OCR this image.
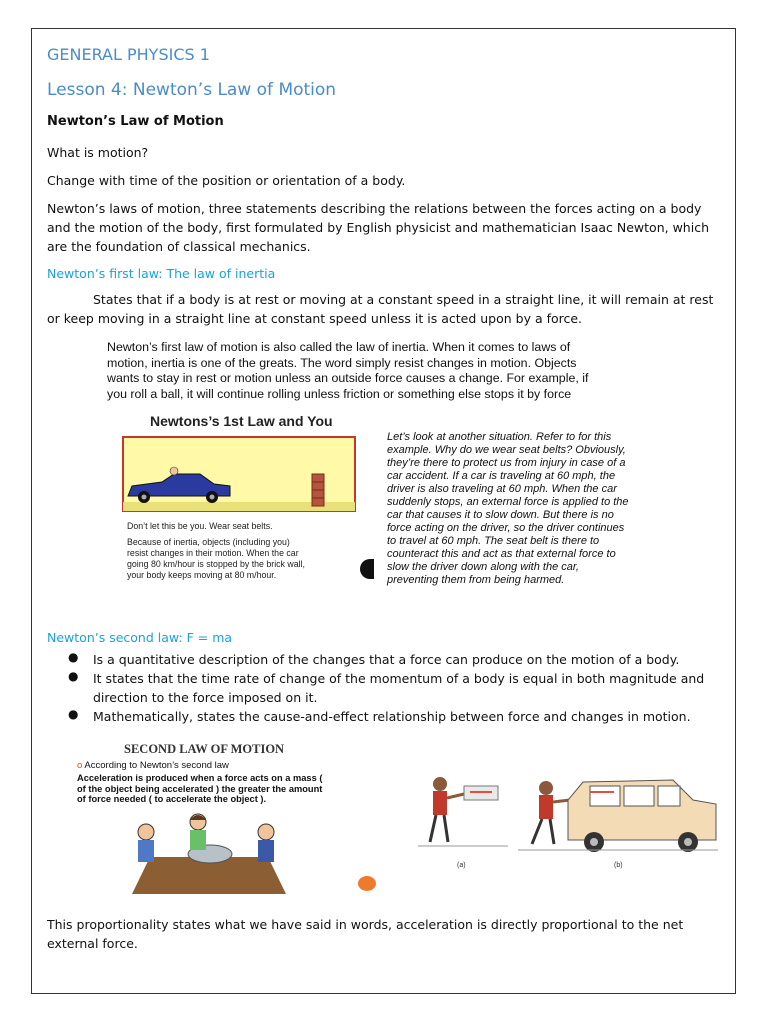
GENERAL PHYSICS 1
Lesson 4: Newton’s Law of Motion
Newton’s Law of Motion
What is motion?
Change with time of the position or orientation of a body.
Newton’s laws of motion, three statements describing the relations between the forces acting on a body
and the motion of the body, first formulated by English physicist and mathematician Isaac Newton, which
are the foundation of classical mechanics.
Newton’s first law: The law of inertia
States that if a body is at rest or moving at a constant speed in a straight line, it will remain at rest
or keep moving in a straight line at constant speed unless it is acted upon by a force.
Newton’s first law of motion is also called the law of inertia. When it comes to laws of
motion, inertia is one of the greats. The word simply resist changes in motion. Objects
wants to stay in rest or motion unless an outside force causes a change. For example, if
you roll a ball, it will continue rolling unless friction or something else stops it by force
Newtons’s 1st Law and You
Don’t let this be you. Wear seat belts.
Because of inertia, objects (including you)
resist changes in their motion. When the car
going 80 km/hour is stopped by the brick wall,
your body keeps moving at 80 m/hour.
Let’s look at another situation. Refer to for this
example. Why do we wear seat belts? Obviously,
they’re there to protect us from injury in case of a
car accident. If a car is traveling at 60 mph, the
driver is also traveling at 60 mph. When the car
suddenly stops, an external force is applied to the
car that causes it to slow down. But there is no
force acting on the driver, so the driver continues
to travel at 60 mph. The seat belt is there to
counteract this and act as that external force to
slow the driver down along with the car,
preventing them from being harmed.
Newton’s second law: F = ma
● Is a quantitative description of the changes that a force can produce on the motion of a body.
● It states that the time rate of change of the momentum of a body is equal in both magnitude and
direction to the force imposed on it.
● Mathematically, states the cause-and-effect relationship between force and changes in motion.
SECOND LAW OF MOTION
o According to Newton’s second law
Acceleration is produced when a force acts on a mass (
of the object being accelerated ) the greater the amount
of force needed ( to accelerate the object ).
(a)	(b)
This proportionality states what we have said in words, acceleration is directly proportional to the net
external force.
